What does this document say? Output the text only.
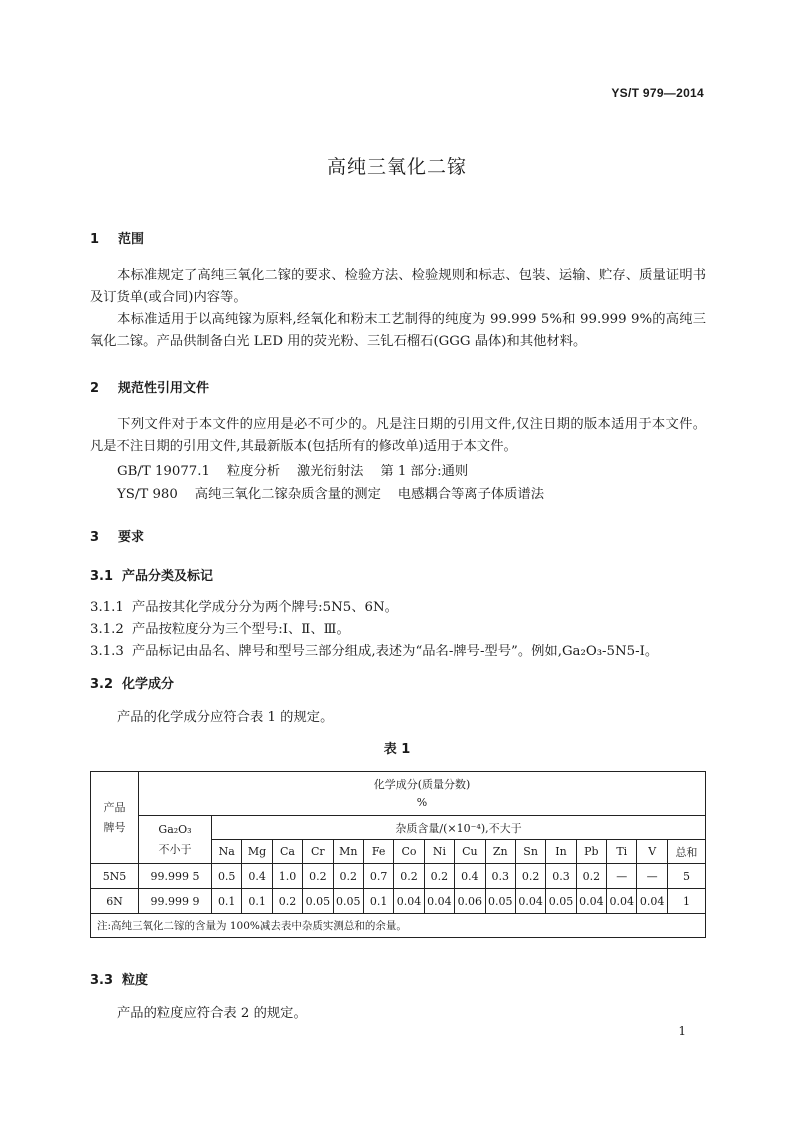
YS/T 979—2014
高纯三氧化二镓
1 范围
本标准规定了高纯三氧化二镓的要求、检验方法、检验规则和标志、包装、运输、贮存、质量证明书及订货单(或合同)内容等。
本标准适用于以高纯镓为原料,经氧化和粉末工艺制得的纯度为 99.999 5%和 99.999 9%的高纯三氧化二镓。产品供制备白光 LED 用的荧光粉、三钆石榴石(GGG 晶体)和其他材料。
2 规范性引用文件
下列文件对于本文件的应用是必不可少的。凡是注日期的引用文件,仅注日期的版本适用于本文件。凡是不注日期的引用文件,其最新版本(包括所有的修改单)适用于本文件。
GB/T 19077.1    粒度分析    激光衍射法    第 1 部分:通则
YS/T 980    高纯三氧化二镓杂质含量的测定    电感耦合等离子体质谱法
3 要求
3.1 产品分类及标记
3.1.1 产品按其化学成分分为两个牌号:5N5、6N。
3.1.2 产品按粒度分为三个型号:Ⅰ、Ⅱ、Ⅲ。
3.1.3 产品标记由品名、牌号和型号三部分组成,表述为“品名-牌号-型号”。例如,Ga₂O₃-5N5-Ⅰ。
3.2 化学成分
产品的化学成分应符合表 1 的规定。
表 1
产品
牌号	化学成分(质量分数)
%																
	Ga₂O₃
不小于	杂质含量/(×10⁻⁴),不大于															
		Na	Mg	Ca	Cr	Mn	Fe	Co	Ni	Cu	Zn	Sn	In	Pb	Ti	V	总和
5N5	99.999 5	0.5	0.4	1.0	0.2	0.2	0.7	0.2	0.2	0.4	0.3	0.2	0.3	0.2	—	—	5
6N	99.999 9	0.1	0.1	0.2	0.05	0.05	0.1	0.04	0.04	0.06	0.05	0.04	0.05	0.04	0.04	0.04	1
注:高纯三氧化二镓的含量为 100%减去表中杂质实测总和的余量。																	
3.3 粒度
产品的粒度应符合表 2 的规定。
1
